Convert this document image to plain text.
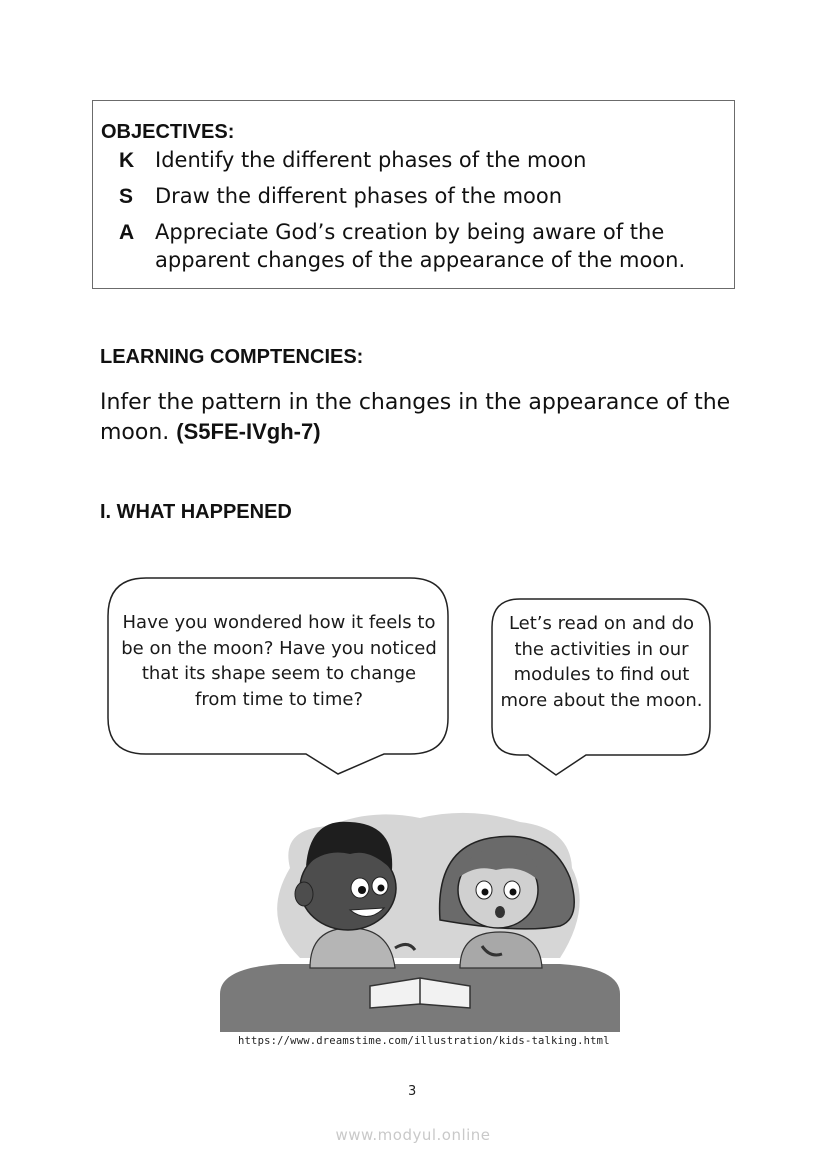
OBJECTIVES:
K Identify the different phases of the moon
S Draw the different phases of the moon
A Appreciate God’s creation by being aware of the apparent changes of the appearance of the moon.
LEARNING COMPTENCIES:
Infer the pattern in the changes in the appearance of the moon. (S5FE-IVgh-7)
I. WHAT HAPPENED
Have you wondered how it feels to be on the moon? Have you noticed that its shape seem to change from time to time?
Let’s read on and do the activities in our modules to find out more about the moon.
https://www.dreamstime.com/illustration/kids-talking.html
3
www.modyul.online
